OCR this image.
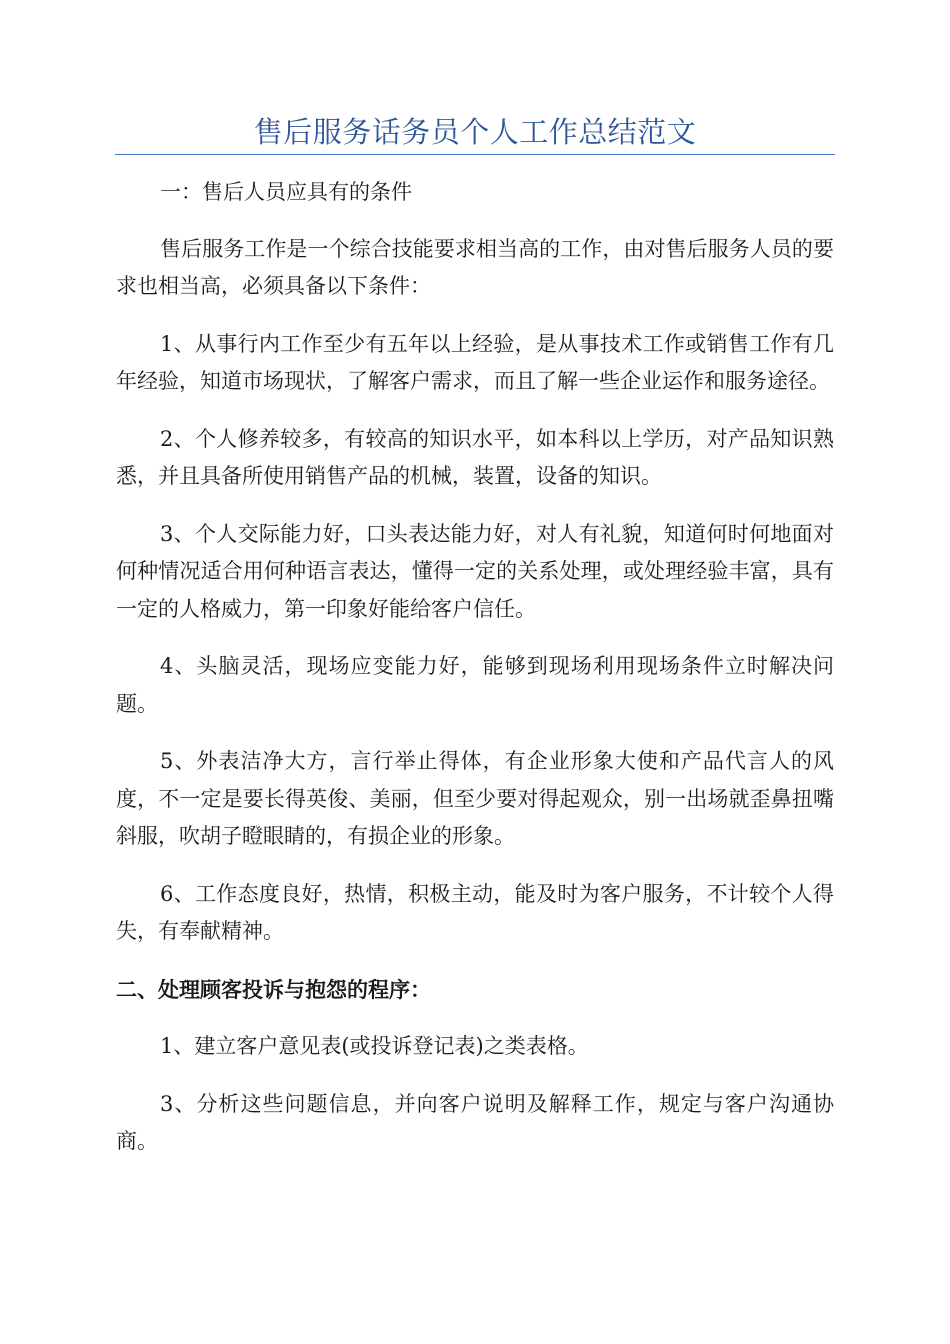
售后服务话务员个人工作总结范文

一：售后人员应具有的条件

售后服务工作是一个综合技能要求相当高的工作，由对售后服务人员的要求也相当高，必须具备以下条件：

1、从事行内工作至少有五年以上经验，是从事技术工作或销售工作有几年经验，知道市场现状，了解客户需求，而且了解一些企业运作和服务途径。

2、个人修养较多，有较高的知识水平，如本科以上学历，对产品知识熟悉，并且具备所使用销售产品的机械，装置，设备的知识。

3、个人交际能力好，口头表达能力好，对人有礼貌，知道何时何地面对何种情况适合用何种语言表达，懂得一定的关系处理，或处理经验丰富，具有一定的人格威力，第一印象好能给客户信任。

4、头脑灵活，现场应变能力好，能够到现场利用现场条件立时解决问题。

5、外表洁净大方，言行举止得体，有企业形象大使和产品代言人的风度，不一定是要长得英俊、美丽，但至少要对得起观众，别一出场就歪鼻扭嘴斜服，吹胡子瞪眼睛的，有损企业的形象。

6、工作态度良好，热情，积极主动，能及时为客户服务，不计较个人得失，有奉献精神。

二、处理顾客投诉与抱怨的程序：

1、建立客户意见表(或投诉登记表)之类表格。

3、分析这些问题信息，并向客户说明及解释工作，规定与客户沟通协商。
